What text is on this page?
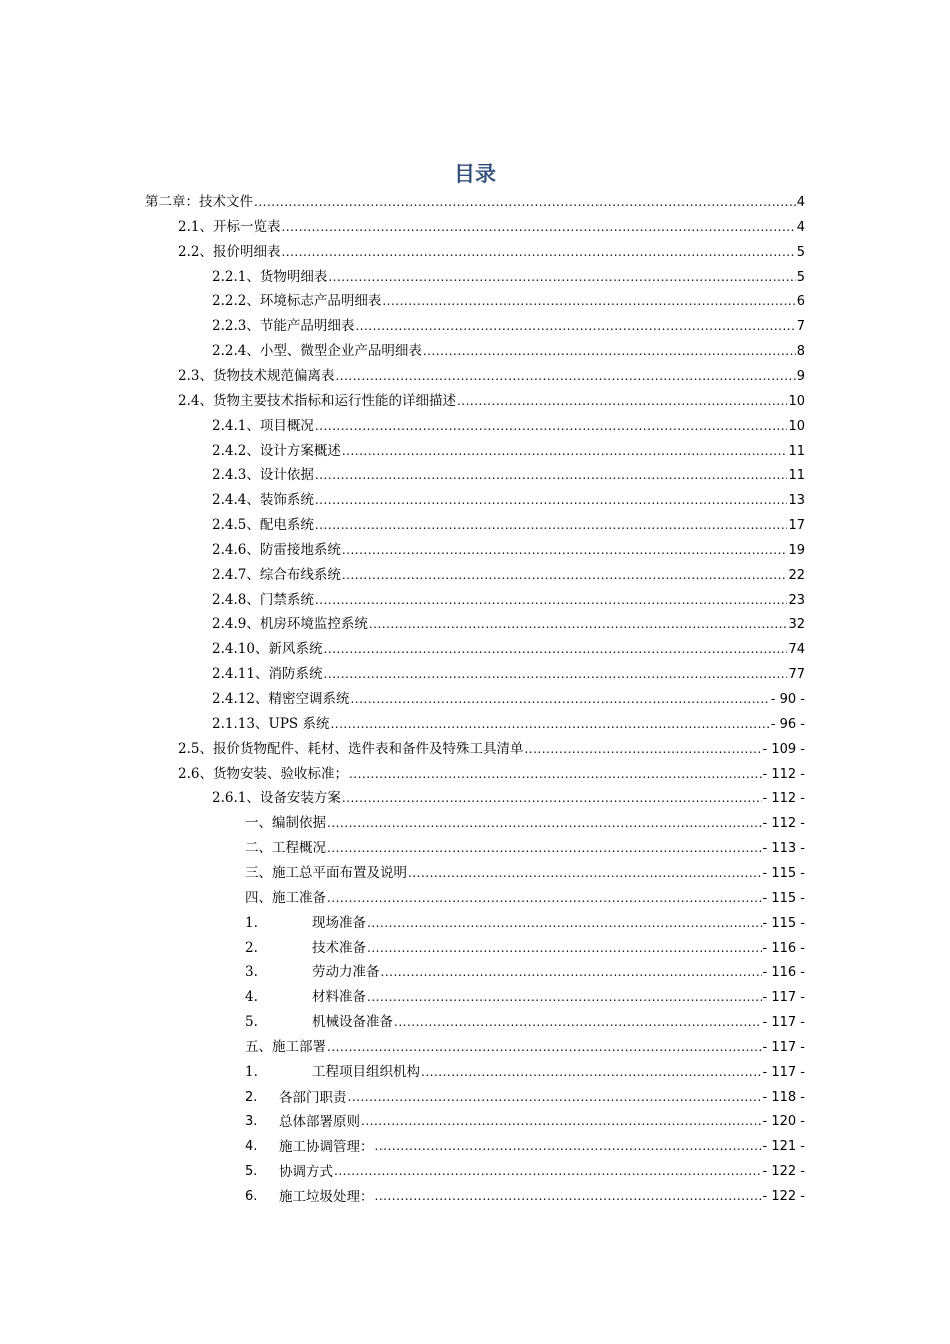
目录
第二章：技术文件 .....	4
2.1、开标一览表 .....	4
2.2、报价明细表 .....	5
2.2.1、货物明细表 .....	5
2.2.2、环境标志产品明细表 .....	6
2.2.3、节能产品明细表 .....	7
2.2.4、小型、微型企业产品明细表 .....	8
2.3、货物技术规范偏离表 .....	9
2.4、货物主要技术指标和运行性能的详细描述 .....	10
2.4.1、项目概况 .....	10
2.4.2、设计方案概述 .....	11
2.4.3、设计依据 .....	11
2.4.4、装饰系统 .....	13
2.4.5、配电系统 .....	17
2.4.6、防雷接地系统 .....	19
2.4.7、综合布线系统 .....	22
2.4.8、门禁系统 .....	23
2.4.9、机房环境监控系统 .....	32
2.4.10、新风系统 .....	74
2.4.11、消防系统 .....	77
2.4.12、精密空调系统 .....	- 90 -
2.1.13、UPS 系统 .....	- 96 -
2.5、报价货物配件、耗材、选件表和备件及特殊工具清单 .....	- 109 -
2.6、货物安装、验收标准； .....	- 112 -
2.6.1、设备安装方案 .....	- 112 -
一、编制依据 .....	- 112 -
二、工程概况 .....	- 113 -
三、施工总平面布置及说明 .....	- 115 -
四、施工准备 .....	- 115 -
1.	现场准备 .....	- 115 -
2.	技术准备 .....	- 116 -
3.	劳动力准备 .....	- 116 -
4.	材料准备 .....	- 117 -
5.	机械设备准备 .....	- 117 -
五、施工部署 .....	- 117 -
1.	工程项目组织机构 .....	- 117 -
2.	各部门职责 .....	- 118 -
3.	总体部署原则 .....	- 120 -
4.	施工协调管理： .....	- 121 -
5.	协调方式 .....	- 122 -
6.	施工垃圾处理： .....	- 122 -
